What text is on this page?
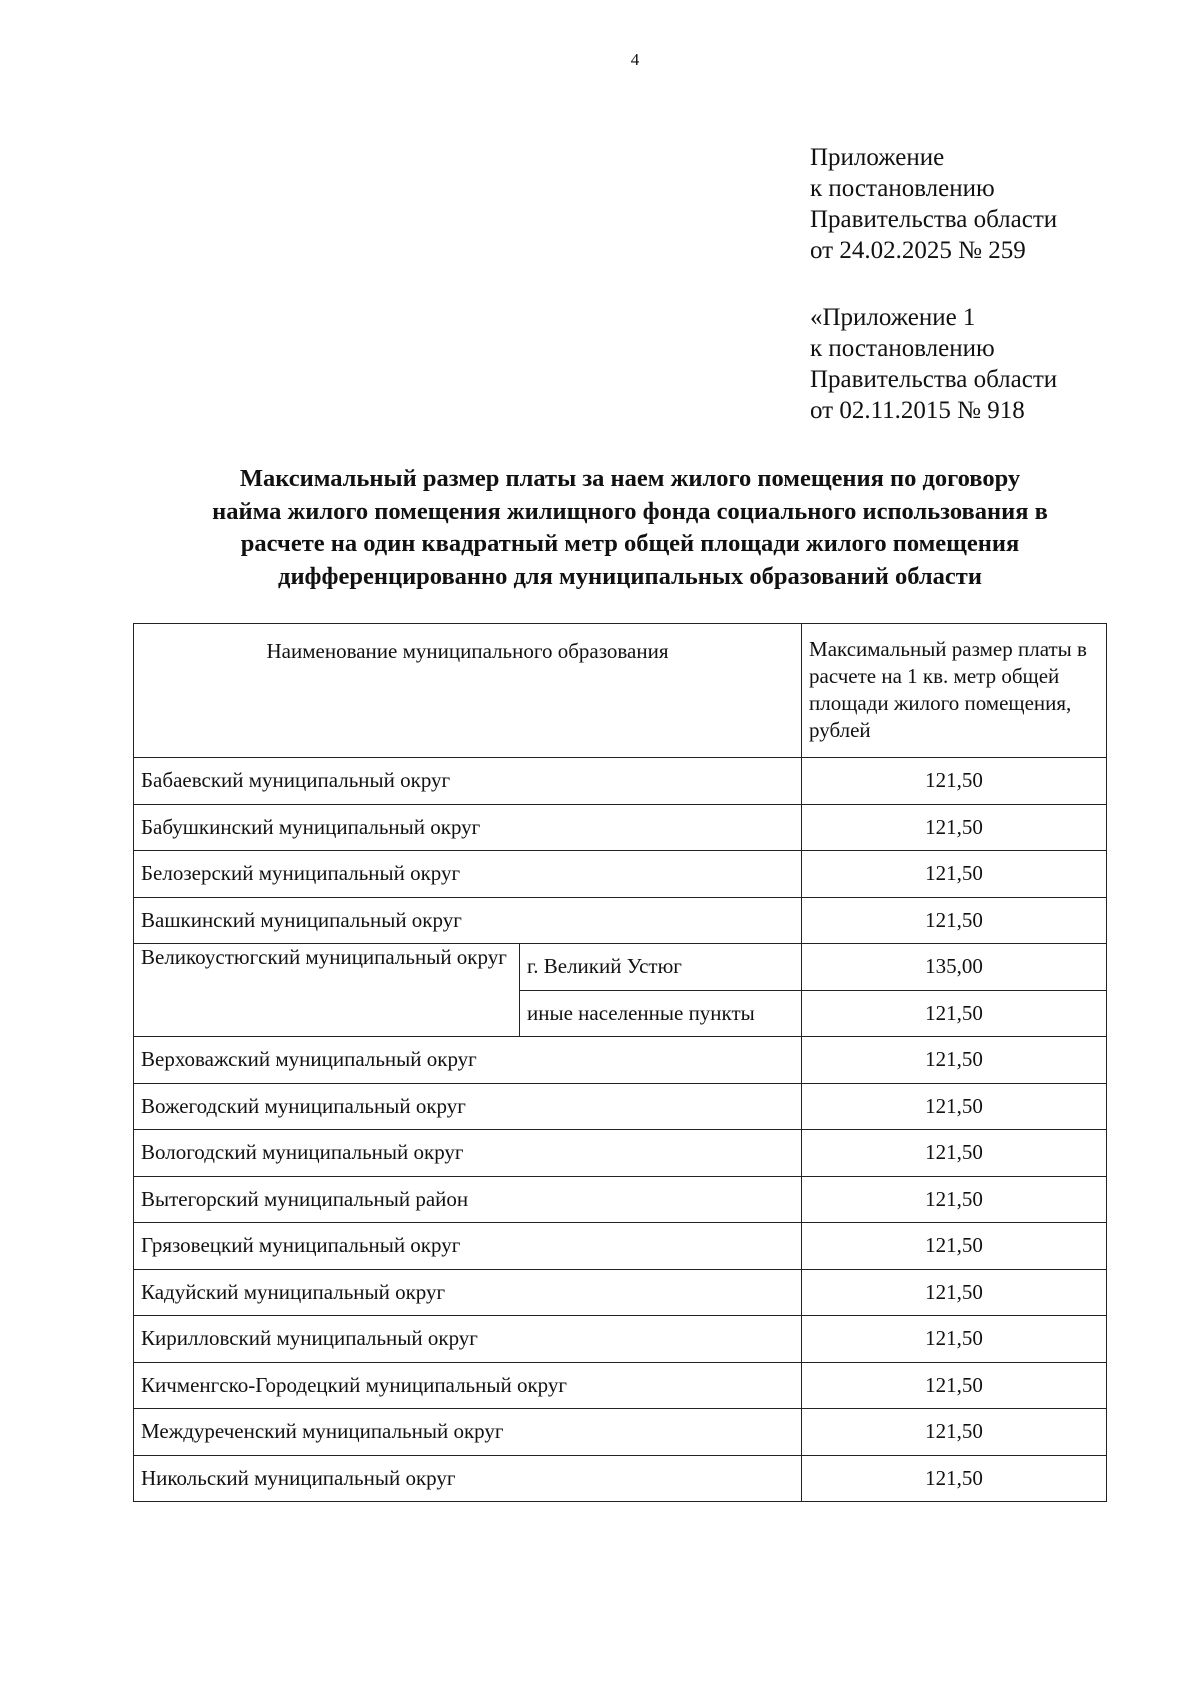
4
Приложение
к постановлению
Правительства области
от 24.02.2025 № 259
«Приложение 1
к постановлению
Правительства области
от 02.11.2015 № 918
Максимальный размер платы за наем жилого помещения по договору
найма жилого помещения жилищного фонда социального использования в
расчете на один квадратный метр общей площади жилого помещения
дифференцированно для муниципальных образований области
Наименование муниципального образования		Максимальный размер платы в расчете на 1 кв. метр общей площади жилого помещения, рублей
Бабаевский муниципальный округ		121,50
Бабушкинский муниципальный округ		121,50
Белозерский муниципальный округ		121,50
Вашкинский муниципальный округ		121,50
Великоустюгский муниципальный округ	г. Великий Устюг	135,00
	иные населенные пункты	121,50
Верховажский муниципальный округ		121,50
Вожегодский муниципальный округ		121,50
Вологодский муниципальный округ		121,50
Вытегорский муниципальный район		121,50
Грязовецкий муниципальный округ		121,50
Кадуйский муниципальный округ		121,50
Кирилловский муниципальный округ		121,50
Кичменгско-Городецкий муниципальный округ		121,50
Междуреченский муниципальный округ		121,50
Никольский муниципальный округ		121,50
